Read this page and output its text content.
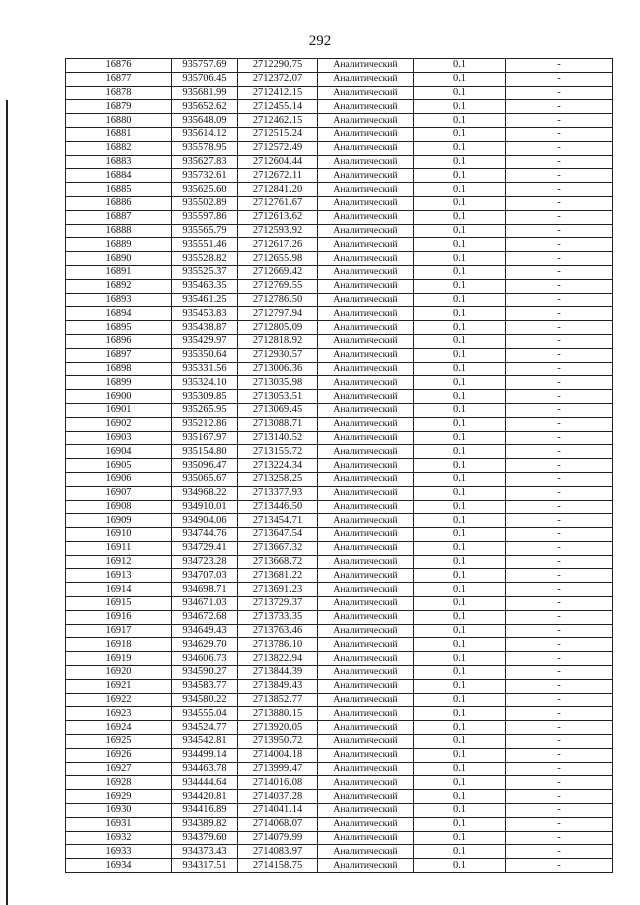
292
16876	935757.69	2712290.75	Аналитический	0.1	-
16877	935706.45	2712372.07	Аналитический	0.1	-
16878	935681.99	2712412.15	Аналитический	0.1	-
16879	935652.62	2712455.14	Аналитический	0.1	-
16880	935648.09	2712462.15	Аналитический	0.1	-
16881	935614.12	2712515.24	Аналитический	0.1	-
16882	935578.95	2712572.49	Аналитический	0.1	-
16883	935627.83	2712604.44	Аналитический	0.1	-
16884	935732.61	2712672.11	Аналитический	0.1	-
16885	935625.60	2712841.20	Аналитический	0.1	-
16886	935502.89	2712761.67	Аналитический	0.1	-
16887	935597.86	2712613.62	Аналитический	0.1	-
16888	935565.79	2712593.92	Аналитический	0.1	-
16889	935551.46	2712617.26	Аналитический	0.1	-
16890	935528.82	2712655.98	Аналитический	0.1	-
16891	935525.37	2712669.42	Аналитический	0.1	-
16892	935463.35	2712769.55	Аналитический	0.1	-
16893	935461.25	2712786.50	Аналитический	0.1	-
16894	935453.83	2712797.94	Аналитический	0.1	-
16895	935438.87	2712805.09	Аналитический	0.1	-
16896	935429.97	2712818.92	Аналитический	0.1	-
16897	935350.64	2712930.57	Аналитический	0.1	-
16898	935331.56	2713006.36	Аналитический	0.1	-
16899	935324.10	2713035.98	Аналитический	0.1	-
16900	935309.85	2713053.51	Аналитический	0.1	-
16901	935265.95	2713069.45	Аналитический	0.1	-
16902	935212.86	2713088.71	Аналитический	0.1	-
16903	935167.97	2713140.52	Аналитический	0.1	-
16904	935154.80	2713155.72	Аналитический	0.1	-
16905	935096.47	2713224.34	Аналитический	0.1	-
16906	935065.67	2713258.25	Аналитический	0.1	-
16907	934968.22	2713377.93	Аналитический	0.1	-
16908	934910.01	2713446.50	Аналитический	0.1	-
16909	934904.06	2713454.71	Аналитический	0.1	-
16910	934744.76	2713647.54	Аналитический	0.1	-
16911	934729.41	2713667.32	Аналитический	0.1	-
16912	934723.28	2713668.72	Аналитический	0.1	-
16913	934707.03	2713681.22	Аналитический	0.1	-
16914	934698.71	2713691.23	Аналитический	0.1	-
16915	934671.03	2713729.37	Аналитический	0.1	-
16916	934672.68	2713733.35	Аналитический	0.1	-
16917	934649.43	2713763.46	Аналитический	0.1	-
16918	934629.70	2713786.10	Аналитический	0.1	-
16919	934606.73	2713822.94	Аналитический	0.1	-
16920	934590.27	2713844.39	Аналитический	0.1	-
16921	934583.77	2713849.43	Аналитический	0.1	-
16922	934580.22	2713852.77	Аналитический	0.1	-
16923	934555.04	2713880.15	Аналитический	0.1	-
16924	934524.77	2713920.05	Аналитический	0.1	-
16925	934542.81	2713950.72	Аналитический	0.1	-
16926	934499.14	2714004.18	Аналитический	0.1	-
16927	934463.78	2713999.47	Аналитический	0.1	-
16928	934444.64	2714016.08	Аналитический	0.1	-
16929	934420.81	2714037.28	Аналитический	0.1	-
16930	934416.89	2714041.14	Аналитический	0.1	-
16931	934389.82	2714068.07	Аналитический	0.1	-
16932	934379.60	2714079.99	Аналитический	0.1	-
16933	934373.43	2714083.97	Аналитический	0.1	-
16934	934317.51	2714158.75	Аналитический	0.1	-
